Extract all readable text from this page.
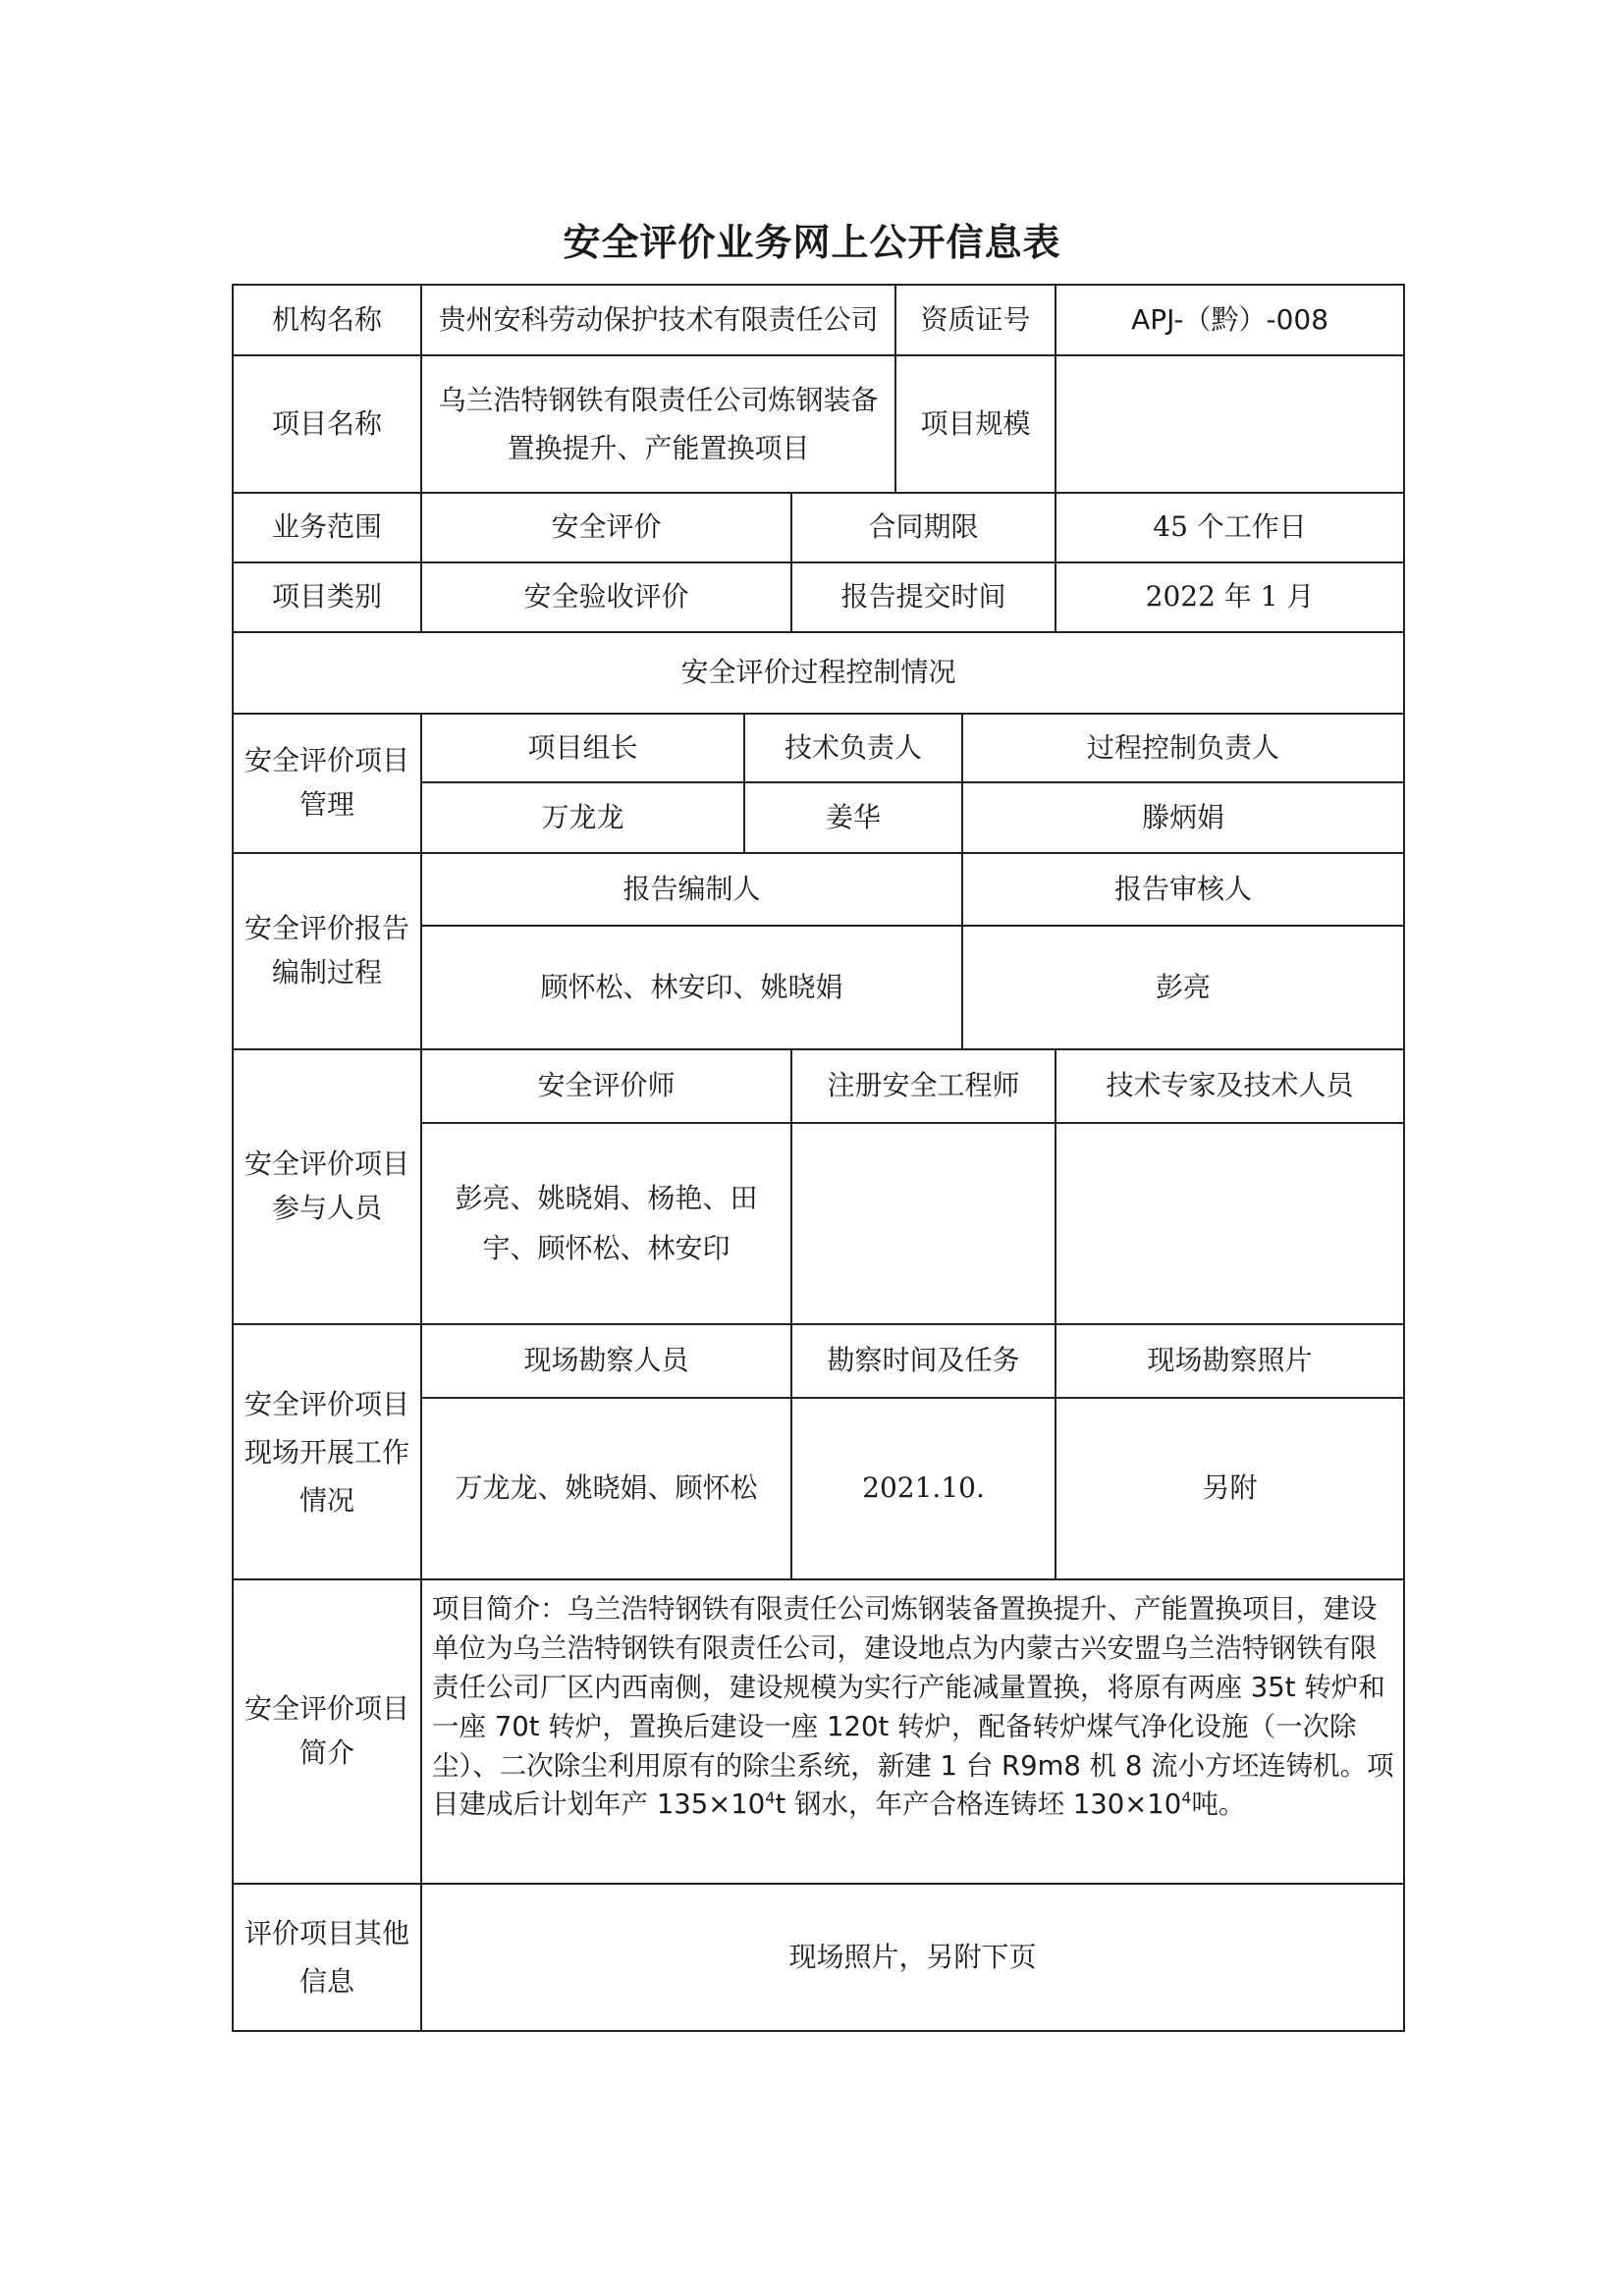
安全评价业务网上公开信息表
机构名称	贵州安科劳动保护技术有限责任公司			资质证号		APJ-（黔）-008
项目名称	乌兰浩特钢铁有限责任公司炼钢装备置换提升、产能置换项目			项目规模		
业务范围	安全评价		合同期限			45 个工作日
项目类别	安全验收评价		报告提交时间			2022 年 1 月
安全评价过程控制情况						
安全评价项目管理	项目组长	技术负责人			过程控制负责人	
	万龙龙	姜华			滕炳娟	
安全评价报告编制过程	报告编制人				报告审核人	
	顾怀松、林安印、姚晓娟				彭亮	
安全评价项目参与人员	安全评价师		注册安全工程师			技术专家及技术人员
	彭亮、姚晓娟、杨艳、田宇、顾怀松、林安印					
安全评价项目现场开展工作情况	现场勘察人员		勘察时间及任务			现场勘察照片
	万龙龙、姚晓娟、顾怀松		2021.10.			另附
安全评价项目简介	项目简介：乌兰浩特钢铁有限责任公司炼钢装备置换提升、产能置换项目，建设单位为乌兰浩特钢铁有限责任公司，建设地点为内蒙古兴安盟乌兰浩特钢铁有限责任公司厂区内西南侧，建设规模为实行产能减量置换，将原有两座 35t 转炉和一座 70t 转炉，置换后建设一座 120t 转炉，配备转炉煤气净化设施（一次除尘）、二次除尘利用原有的除尘系统，新建 1 台 R9m8 机 8 流小方坯连铸机。项目建成后计划年产 $135\times 10^4t$ 钢水，年产合格连铸坯 $130\times 10^4$吨。					
评价项目其他信息	现场照片，另附下页					
